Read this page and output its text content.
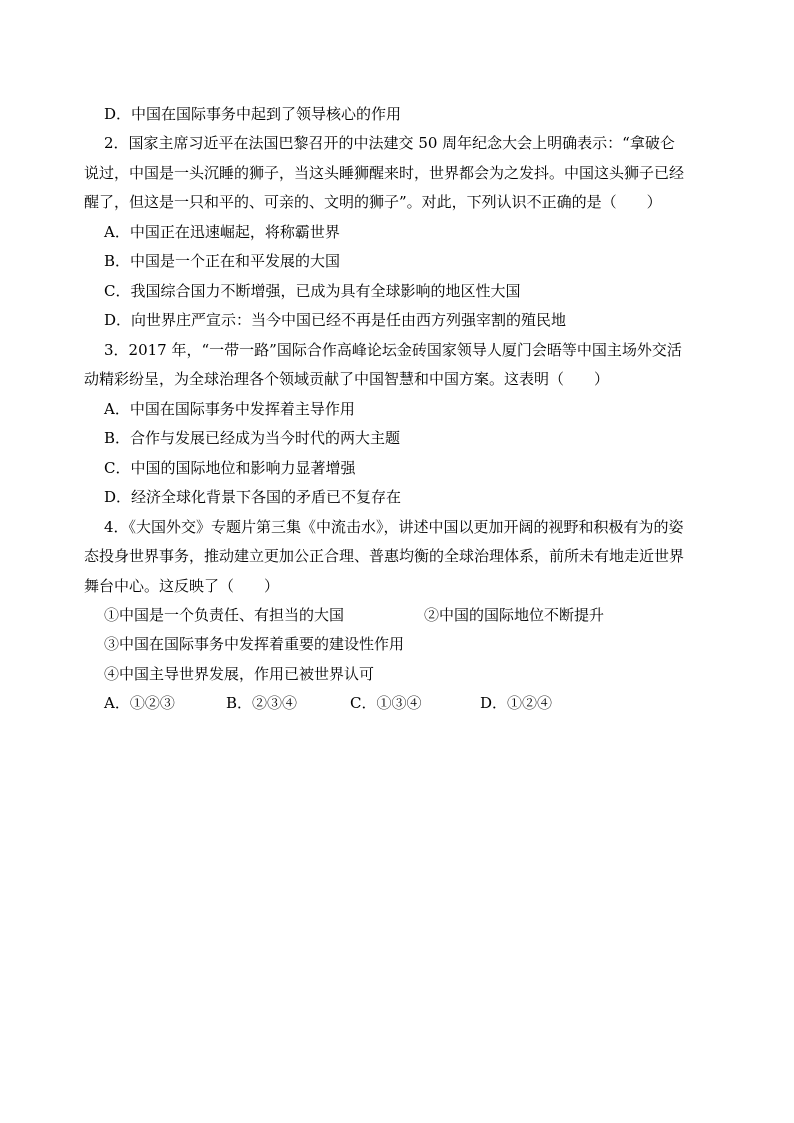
D．中国在国际事务中起到了领导核心的作用
2．国家主席习近平在法国巴黎召开的中法建交 50 周年纪念大会上明确表示：“拿破仑
说过，中国是一头沉睡的狮子，当这头睡狮醒来时，世界都会为之发抖。中国这头狮子已经
醒了，但这是一只和平的、可亲的、文明的狮子”。对此，下列认识不正确的是（　　）
A．中国正在迅速崛起，将称霸世界
B．中国是一个正在和平发展的大国
C．我国综合国力不断增强，已成为具有全球影响的地区性大国
D．向世界庄严宣示：当今中国已经不再是任由西方列强宰割的殖民地
3．2017 年，“一带一路”国际合作高峰论坛金砖国家领导人厦门会晤等中国主场外交活
动精彩纷呈，为全球治理各个领域贡献了中国智慧和中国方案。这表明（　　）
A．中国在国际事务中发挥着主导作用
B．合作与发展已经成为当今时代的两大主题
C．中国的国际地位和影响力显著增强
D．经济全球化背景下各国的矛盾已不复存在
4．《大国外交》专题片第三集《中流击水》，讲述中国以更加开阔的视野和积极有为的姿
态投身世界事务，推动建立更加公正合理、普惠均衡的全球治理体系，前所未有地走近世界
舞台中心。这反映了（　　）
①中国是一个负责任、有担当的大国	②中国的国际地位不断提升
③中国在国际事务中发挥着重要的建设性作用
④中国主导世界发展，作用已被世界认可
A．①②③	B．②③④	C．①③④	D．①②④
